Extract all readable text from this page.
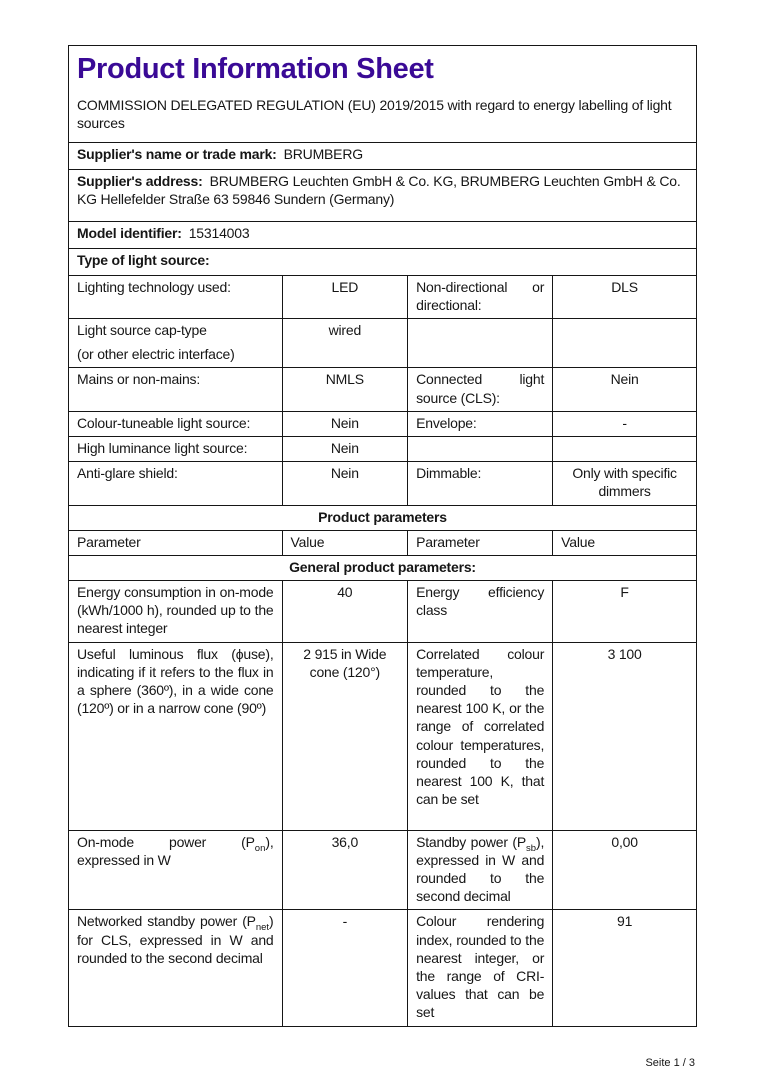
Product Information Sheet
COMMISSION DELEGATED REGULATION (EU) 2019/2015 with regard to energy labelling of light sources			

Supplier's name or trade mark: BRUMBERG			
Supplier's address: BRUMBERG Leuchten GmbH & Co. KG, BRUMBERG Leuchten GmbH & Co. KG Hellefelder Straße 63 59846 Sundern (Germany)			
Model identifier: 15314003			
Type of light source:			
Lighting technology used:	LED	Non-directional or directional:	DLS

Light source cap-type
(or other electric interface)	wired		
Mains or non-mains:	NMLS	Connected light source (CLS):	Nein
Colour-tuneable light source:	Nein	Envelope:	-
High luminance light source:	Nein		
Anti-glare shield:	Nein	Dimmable:	Only with specific dimmers
Product parameters			
Parameter	Value	Parameter	Value
General product parameters:			
Energy consumption in on-mode (kWh/1000 h), rounded up to the nearest integer	40	Energy efficiency class	F
Useful luminous flux (ϕuse), indicating if it refers to the flux in a sphere (360º), in a wide cone (120º) or in a narrow cone (90º)	2 915 in Wide cone (120°)	Correlated colour temperature, rounded to the nearest 100 K, or the range of correlated colour temperatures, rounded to the nearest 100 K, that can be set	3 100
On-mode power $(P_{on})$, expressed in W	36,0	Standby power $(P_{sb})$, expressed in W and rounded to the second decimal	0,00
Networked standby power $(P_{net})$ for CLS, expressed in W and rounded to the second decimal	-	Colour rendering index, rounded to the nearest integer, or the range of CRI-values that can be set	91
Seite 1 / 3
